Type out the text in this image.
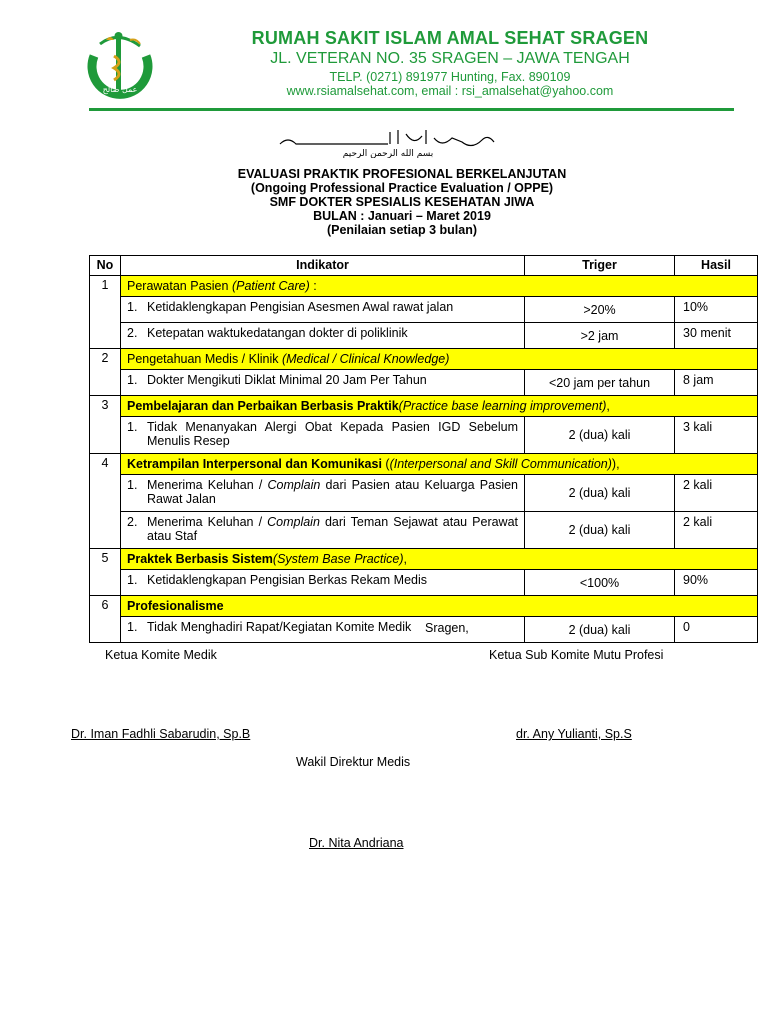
عمل صالح
RUMAH SAKIT ISLAM AMAL SEHAT SRAGEN
JL. VETERAN NO. 35 SRAGEN – JAWA TENGAH
TELP. (0271) 891977 Hunting, Fax. 890109
www.rsiamalsehat.com, email : rsi_amalsehat@yahoo.com
بسم الله الرحمن الرحيم
EVALUASI PRAKTIK PROFESIONAL BERKELANJUTAN
(Ongoing Professional Practice Evaluation / OPPE)
SMF DOKTER SPESIALIS KESEHATAN JIWA
BULAN : Januari – Maret 2019
(Penilaian setiap 3 bulan)
No	Indikator	Triger	Hasil
1	Perawatan Pasien (Patient Care) :		

	1. Ketidaklengkapan Pengisian Asesmen Awal rawat jalan	>20%	10%

	2. Ketepatan waktukedatangan dokter di poliklinik	>2 jam	30 menit
2	Pengetahuan Medis / Klinik (Medical / Clinical Knowledge)		

	1. Dokter Mengikuti Diklat Minimal 20 Jam Per Tahun	<20 jam per tahun	8 jam
3	Pembelajaran dan Perbaikan Berbasis Praktik(Practice base learning improvement),		

	1. Tidak Menanyakan Alergi Obat Kepada Pasien IGD Sebelum Menulis Resep	2 (dua) kali	3 kali
4	Ketrampilan Interpersonal dan Komunikasi ((Interpersonal and Skill Communication)),		

	1. Menerima Keluhan / Complain dari Pasien atau Keluarga Pasien Rawat Jalan	2 (dua) kali	2 kali

	2. Menerima Keluhan / Complain dari Teman Sejawat atau Perawat atau Staf	2 (dua) kali	2 kali
5	Praktek Berbasis Sistem(System Base Practice),		

	1. Ketidaklengkapan Pengisian Berkas Rekam Medis	<100%	90%
6	Profesionalisme		

	1. Tidak Menghadiri Rapat/Kegiatan Komite Medik	2 (dua) kali	0
Sragen,
Ketua Komite Medik	Ketua Sub Komite Mutu Profesi
Dr. Iman Fadhli Sabarudin, Sp.B	dr. Any Yulianti, Sp.S
Wakil Direktur Medis
Dr. Nita Andriana
